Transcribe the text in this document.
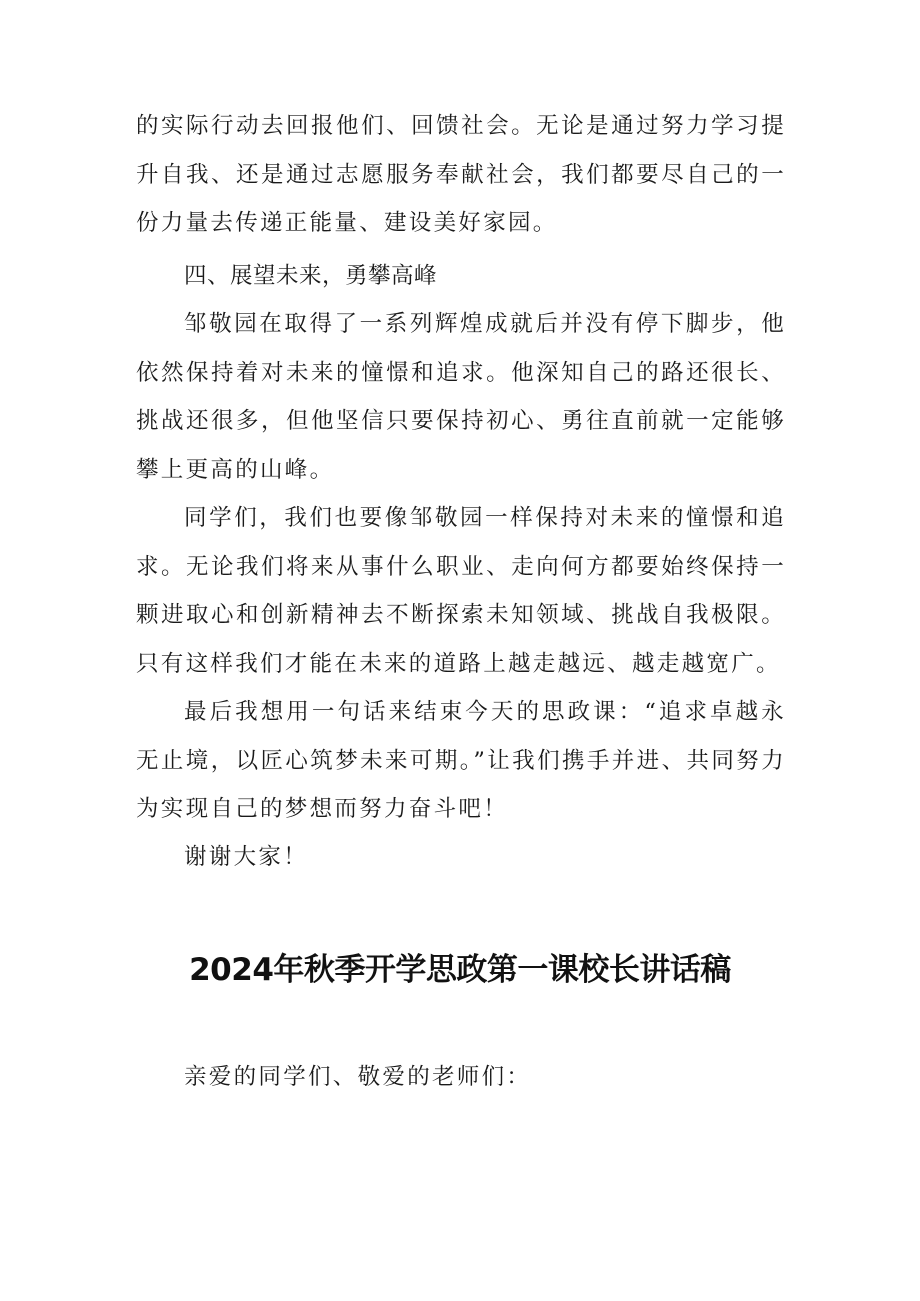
的实际行动去回报他们、回馈社会。无论是通过努力学习提升自我、还是通过志愿服务奉献社会，我们都要尽自己的一份力量去传递正能量、建设美好家园。

四、展望未来，勇攀高峰

邹敬园在取得了一系列辉煌成就后并没有停下脚步，他依然保持着对未来的憧憬和追求。他深知自己的路还很长、挑战还很多，但他坚信只要保持初心、勇往直前就一定能够攀上更高的山峰。

同学们，我们也要像邹敬园一样保持对未来的憧憬和追求。无论我们将来从事什么职业、走向何方都要始终保持一颗进取心和创新精神去不断探索未知领域、挑战自我极限。只有这样我们才能在未来的道路上越走越远、越走越宽广。

最后我想用一句话来结束今天的思政课：“追求卓越永无止境，以匠心筑梦未来可期。”让我们携手并进、共同努力为实现自己的梦想而努力奋斗吧！

谢谢大家！

2024年秋季开学思政第一课校长讲话稿

亲爱的同学们、敬爱的老师们：
